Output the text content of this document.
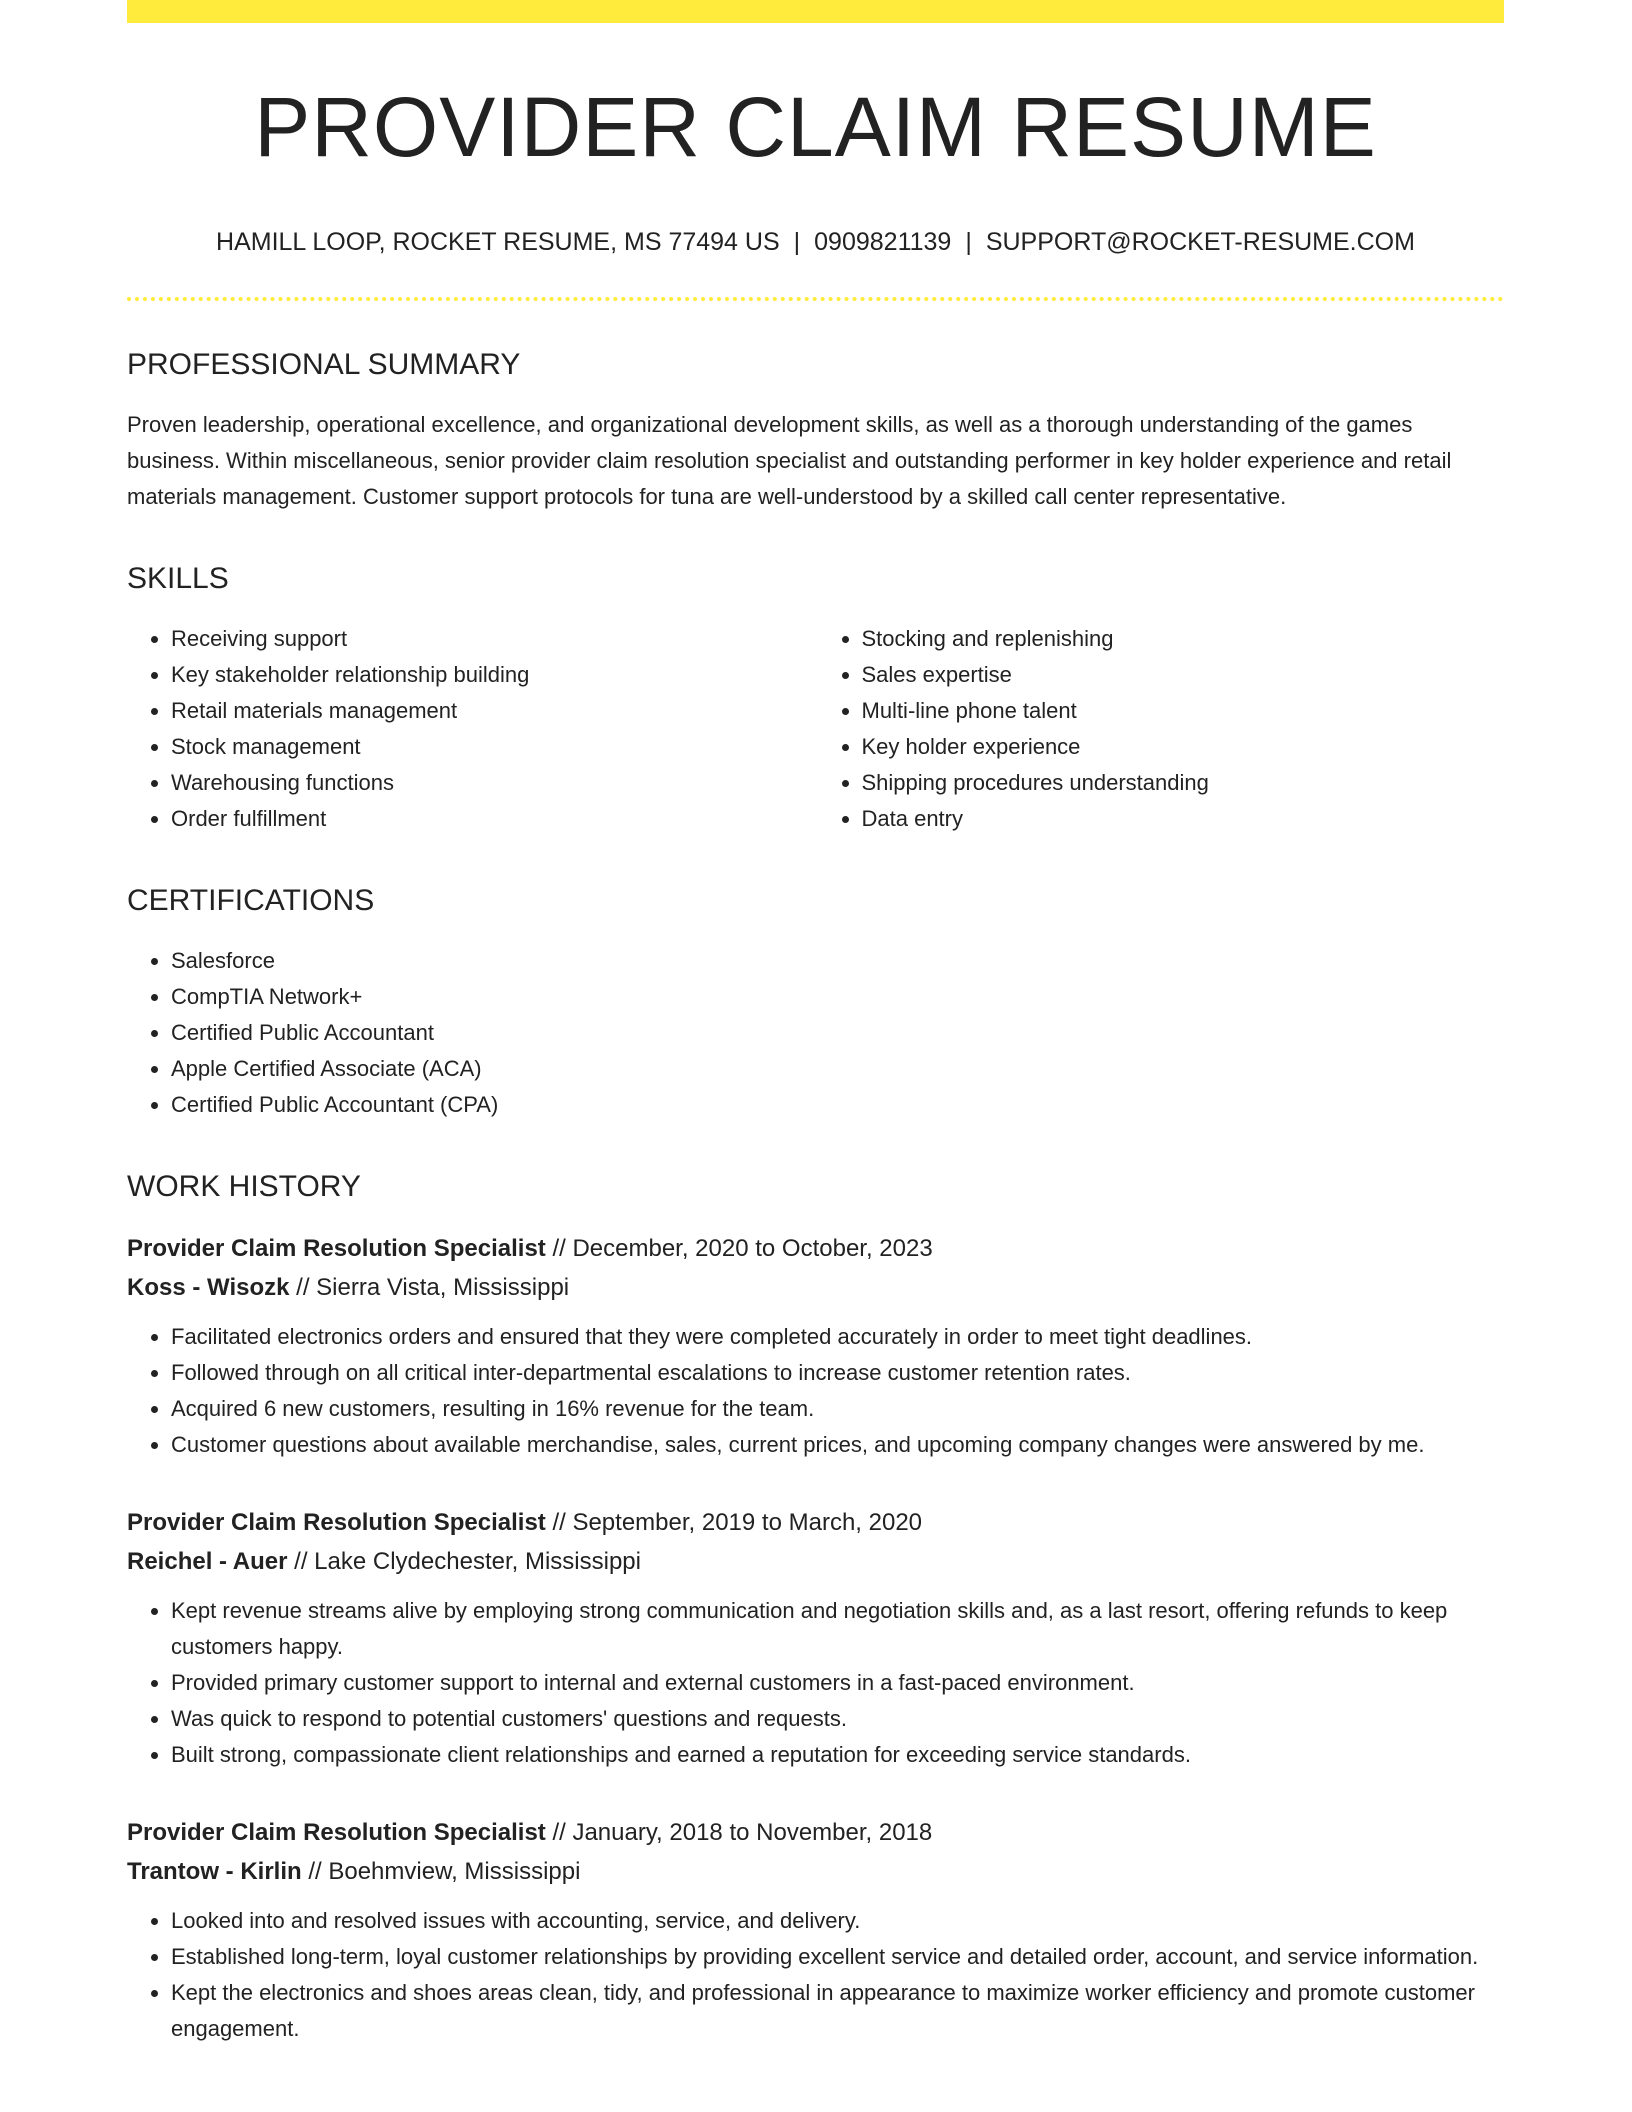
PROVIDER CLAIM RESUME
HAMILL LOOP, ROCKET RESUME, MS 77494 US | 0909821139 | SUPPORT@ROCKET-RESUME.COM
PROFESSIONAL SUMMARY

Proven leadership, operational excellence, and organizational development skills, as well as a thorough understanding of the games business. Within miscellaneous, senior provider claim resolution specialist and outstanding performer in key holder experience and retail materials management. Customer support protocols for tuna are well-understood by a skilled call center representative.

SKILLS
• Receiving support
• Key stakeholder relationship building
• Retail materials management
• Stock management
• Warehousing functions
• Order fulfillment
• Stocking and replenishing
• Sales expertise
• Multi-line phone talent
• Key holder experience
• Shipping procedures understanding
• Data entry
CERTIFICATIONS
• Salesforce
• CompTIA Network+
• Certified Public Accountant
• Apple Certified Associate (ACA)
• Certified Public Accountant (CPA)
WORK HISTORY
Provider Claim Resolution Specialist // December, 2020 to October, 2023
Koss - Wisozk // Sierra Vista, Mississippi
• Facilitated electronics orders and ensured that they were completed accurately in order to meet tight deadlines.
• Followed through on all critical inter-departmental escalations to increase customer retention rates.
• Acquired 6 new customers, resulting in 16% revenue for the team.
• Customer questions about available merchandise, sales, current prices, and upcoming company changes were answered by me.
Provider Claim Resolution Specialist // September, 2019 to March, 2020
Reichel - Auer // Lake Clydechester, Mississippi
• Kept revenue streams alive by employing strong communication and negotiation skills and, as a last resort, offering refunds to keep customers happy.
• Provided primary customer support to internal and external customers in a fast-paced environment.
• Was quick to respond to potential customers' questions and requests.
• Built strong, compassionate client relationships and earned a reputation for exceeding service standards.
Provider Claim Resolution Specialist // January, 2018 to November, 2018
Trantow - Kirlin // Boehmview, Mississippi
• Looked into and resolved issues with accounting, service, and delivery.
• Established long-term, loyal customer relationships by providing excellent service and detailed order, account, and service information.
• Kept the electronics and shoes areas clean, tidy, and professional in appearance to maximize worker efficiency and promote customer engagement.
